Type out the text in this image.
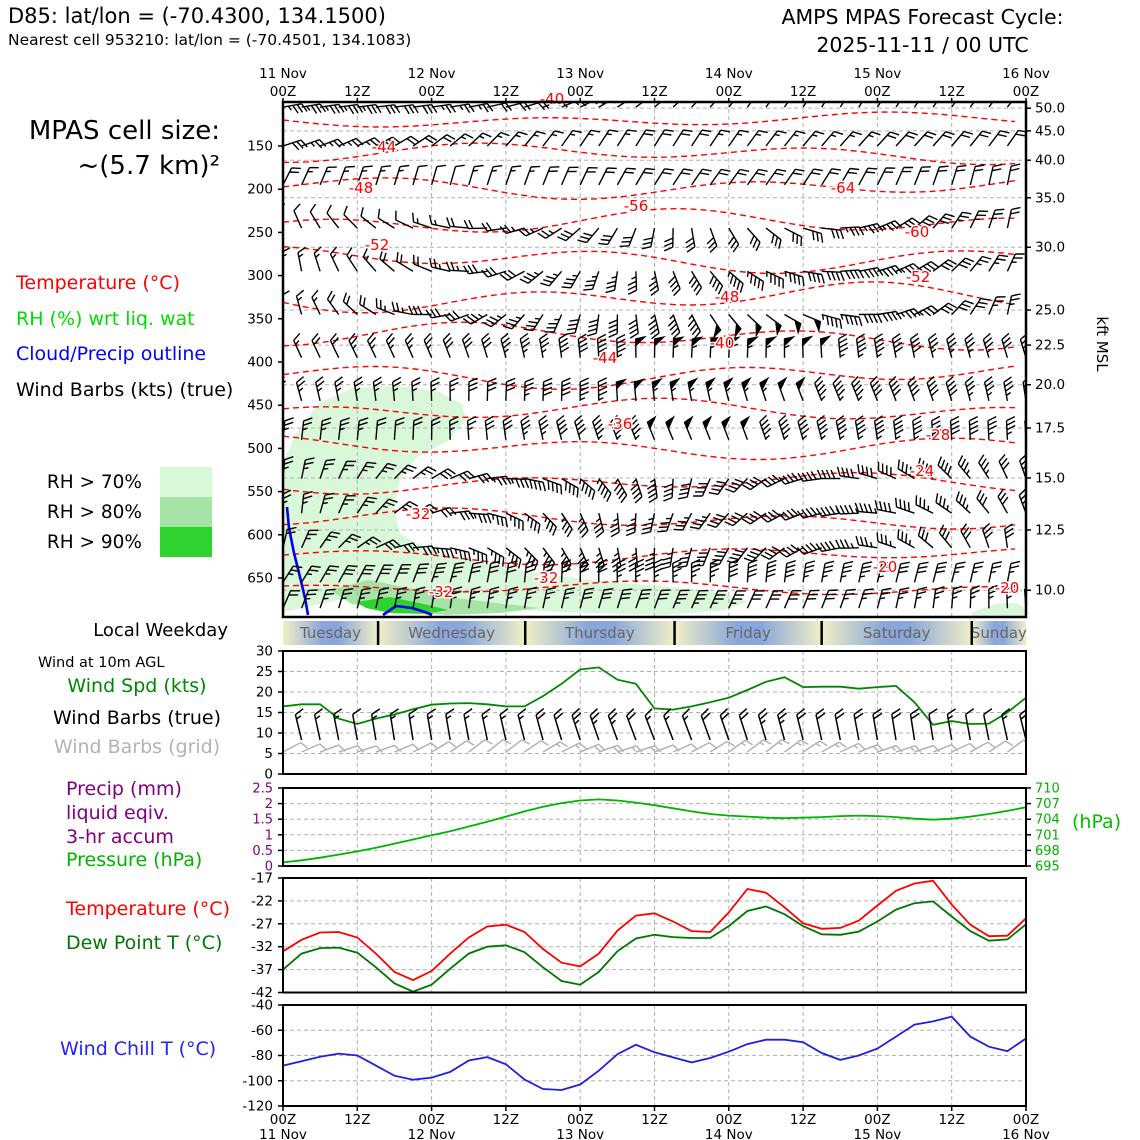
-40
-44
-48
-52
-56
-64
-60
-52
-48
-40
-44
-36
-28
-24
-32
-32
-32
-20
-20
150
200
250
300
350
400
450
500
550
600
650
50.0
45.0
40.0
35.0
30.0
25.0
22.5
20.0
17.5
15.0
12.5
10.0
kft MSL
00Z
11 Nov
12Z	00Z
12 Nov
12Z	00Z
13 Nov
12Z	00Z
14 Nov
12Z	00Z
15 Nov
12Z	00Z
16 Nov
Tuesday	Wednesday	Thursday	Friday	Saturday	Sunday
0
5
10
15
20
25
30
0
0.5
1
1.5
2
2.5
695
698
701
704
707
710
-17
-22
-27
-32
-37
-42
-40
-60
-80
-100
-120
00Z
11 Nov
12Z	00Z
12 Nov
12Z	00Z
13 Nov
12Z	00Z
14 Nov
12Z	00Z
15 Nov
12Z	00Z
16 Nov
D85: lat/lon = (-70.4300, 134.1500)
Nearest cell 953210: lat/lon = (-70.4501, 134.1083)
AMPS MPAS Forecast Cycle:
2025-11-11 / 00 UTC
MPAS cell size:
~(5.7 km)²
Temperature (°C)
RH (%) wrt liq. wat
Cloud/Precip outline
Wind Barbs (kts) (true)
RH > 70%
RH > 80%
RH > 90%
Local Weekday
Wind at 10m AGL
Wind Spd (kts)
Wind Barbs (true)
Wind Barbs (grid)
Precip (mm)
liquid eqiv.
3-hr accum
Pressure (hPa)
(hPa)
Temperature (°C)
Dew Point T (°C)
Wind Chill T (°C)
